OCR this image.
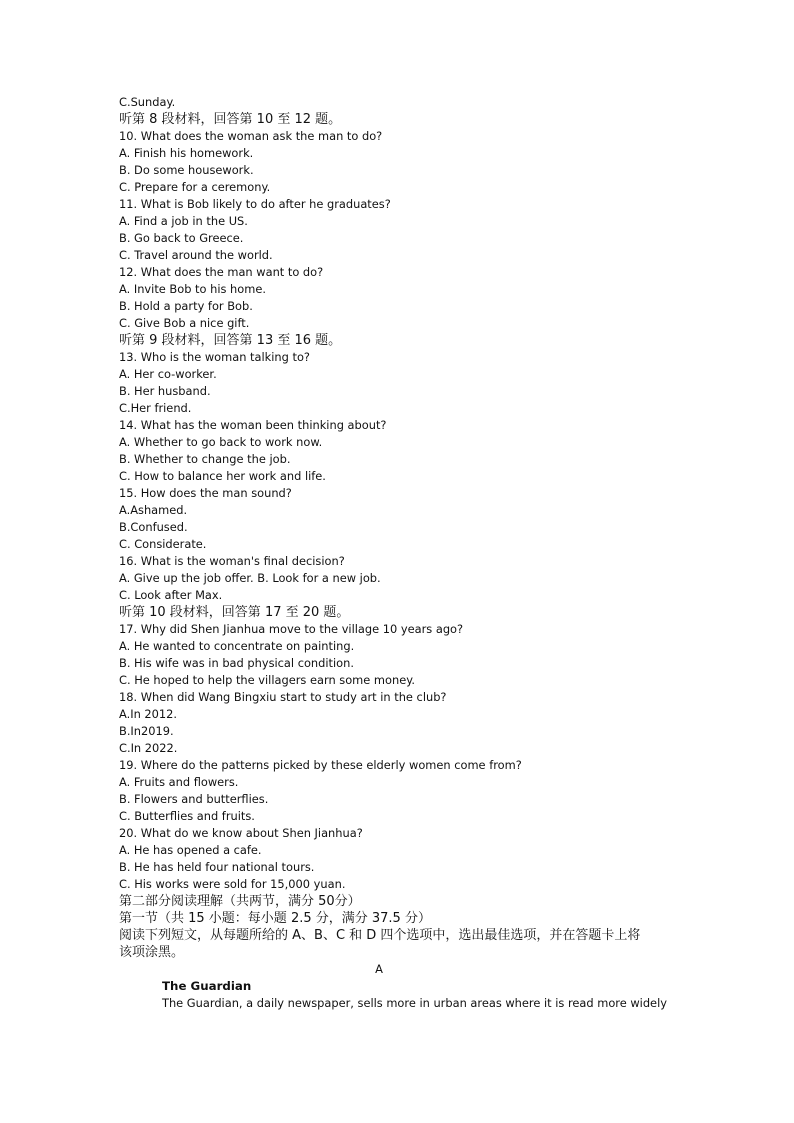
C.Sunday.
听第 8 段材料，回答第 10 至 12 题。
10. What does the woman ask the man to do?
A. Finish his homework.
B. Do some housework.
C. Prepare for a ceremony.
11. What is Bob likely to do after he graduates?
A. Find a job in the US.
B. Go back to Greece.
C. Travel around the world.
12. What does the man want to do?
A. Invite Bob to his home.
B. Hold a party for Bob.
C. Give Bob a nice gift.
听第 9 段材料，回答第 13 至 16 题。
13. Who is the woman talking to?
A. Her co-worker.
B. Her husband.
C.Her friend.
14. What has the woman been thinking about?
A. Whether to go back to work now.
B. Whether to change the job.
C. How to balance her work and life.
15. How does the man sound?
A.Ashamed.
B.Confused.
C. Considerate.
16. What is the woman's final decision?
A. Give up the job offer. B. Look for a new job.
C. Look after Max.
听第 10 段材料，回答第 17 至 20 题。
17. Why did Shen Jianhua move to the village 10 years ago?
A. He wanted to concentrate on painting.
B. His wife was in bad physical condition.
C. He hoped to help the villagers earn some money.
18. When did Wang Bingxiu start to study art in the club?
A.In 2012.
B.In2019.
C.In 2022.
19. Where do the patterns picked by these elderly women come from?
A. Fruits and flowers.
B. Flowers and butterflies.
C. Butterflies and fruits.
20. What do we know about Shen Jianhua?
A. He has opened a cafe.
B. He has held four national tours.
C. His works were sold for 15,000 yuan.
第二部分阅读理解（共两节，满分 50分）
第一节（共 15 小题：每小题 2.5 分，满分 37.5 分）
阅读下列短文，从每题所给的 A、B、C 和 D 四个选项中，选出最佳选项，并在答题卡上将
该项涂黑。
A
The Guardian
The Guardian, a daily newspaper, sells more in urban areas where it is read more widely
